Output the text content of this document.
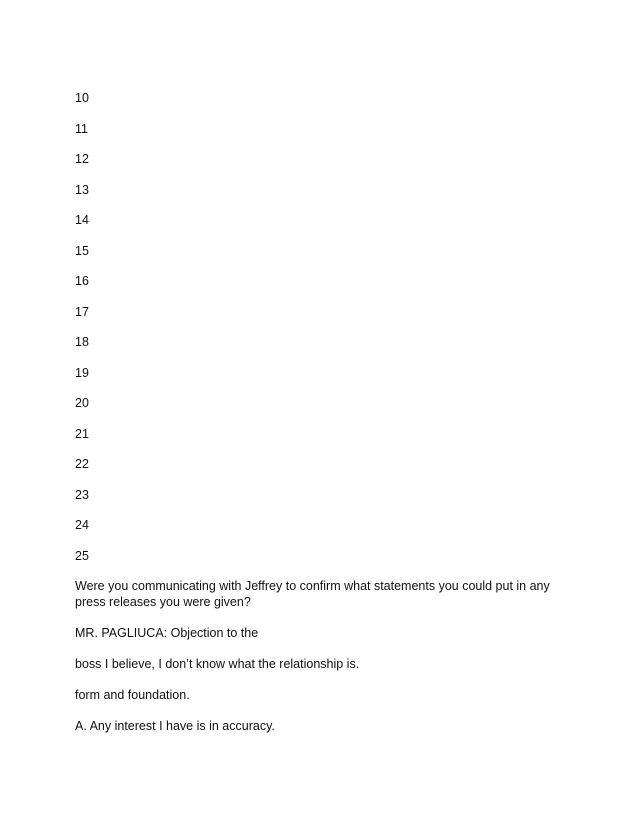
10
11
12
13
14
15
16
17
18
19
20
21
22
23
24
25

Were you communicating with Jeffrey to confirm what statements you could put in any press releases you were given?

MR. PAGLIUCA: Objection to the

boss I believe, I don’t know what the relationship is.

form and foundation.

A. Any interest I have is in accuracy.
